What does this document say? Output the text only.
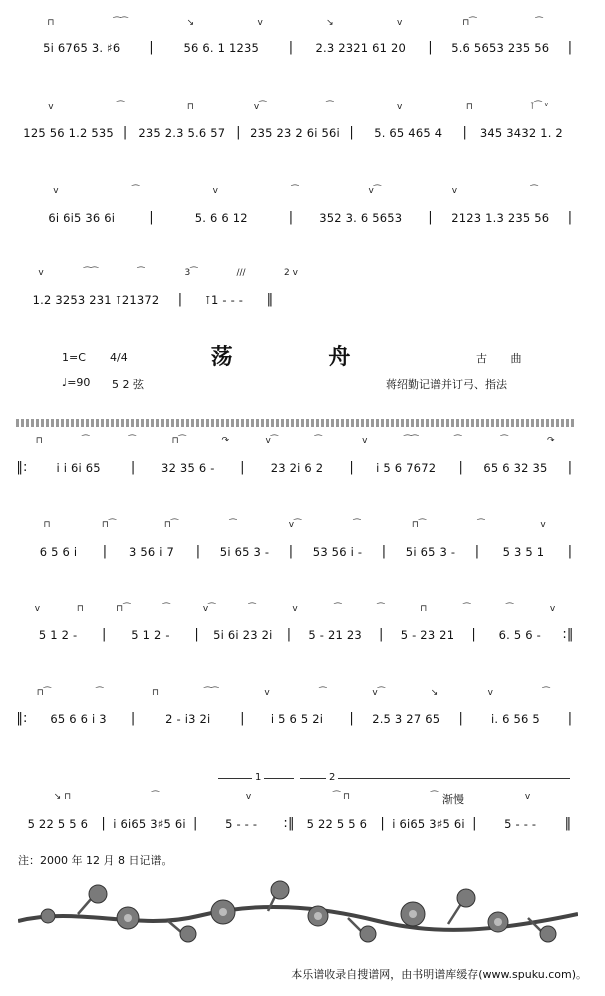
⊓	⁀⁀	↘	v	↘	v	⊓⁀	⁀
5i 6765 3. ♯6	|	56 6. 1 1235	|	2.3 2321 61 20	|	5.6 5653 235 56	|
v	⁀	⊓	v⁀	⁀	v	⊓	⊺⁀ ᵛ
125 56 1.2 535 | 235 2.3 5.6 57 | 235 23 2 6i 56i |	5. 65 465 4	|	345 3432 1. 2
v	⁀	v	⁀	v⁀	v	⁀
6i 6i5 36 6i	|	5. 6 6 12	|	352 3. 6 5653	|	2123 1.3 235 56	|
v	⁀⁀	⁀	3⁀	///	2 v
1.2 3253 231 ⊺21372	|	⊺1 - - -	‖
荡 舟
1=C 4/4	古 曲
♩=90 5 2 弦	蒋绍勤记谱并订弓、指法
⊓	⁀	⁀	⊓⁀	↷	v⁀	⁀	v	⁀⁀	⁀	⁀	↷
‖:	i i 6i 65	|	32 35 6 -	|	23 2i 6 2	|	i 5 6 7672	|	65 6 32 35	|
⊓	⊓⁀	⊓⁀	⁀	v⁀	⁀	⊓⁀	⁀	v
6 5 6 i	|	3 56 i 7	|	5i 65 3 -	|	53 56 i -	|	5i 65 3 -	|	5 3 5 1	|
v	⊓	⊓⁀	⁀	v⁀	⁀	v	⁀	⁀	⊓	⁀	⁀	v
5 1 2 -	|	5 1 2 -	|	5i 6i 23 2i	|	5 - 21 23	|	5 - 23 21	|	6. 5 6 -	:‖
⊓⁀	⁀	⊓	⁀⁀	v	⁀	v⁀	↘	v	⁀
‖:	65 6 6 i 3	|	2 - i3 2i	|	i 5 6 5 2i	|	2.5 3 27 65	|	i. 6 56 5	|
1	2
渐慢
↘ ⊓	⁀	v	⁀ ⊓	⁀	v
5 22 5 5 6	| i 6i65 3♯5 6i |	5 - - -	:‖	5 22 5 5 6	| i 6i65 3♯5 6i |	5 - - -	‖
注：2000 年 12 月 8 日记谱。
本乐谱收录自搜谱网，由书明谱库缓存(www.spuku.com)。
